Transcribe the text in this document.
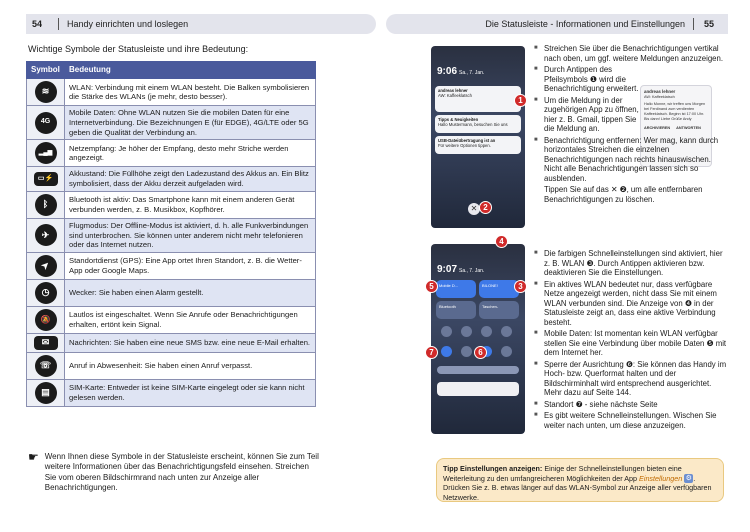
54	Handy einrichten und loslegen	Die Statusleiste - Informationen und Einstellungen 55
Wichtige Symbole der Statusleiste und ihre Bedeutung:
Symbol	Bedeutung
≋	WLAN: Verbindung mit einem WLAN besteht. Die Balken symbolisieren die Stärke des WLANs (je mehr, desto besser).
4G	Mobile Daten: Ohne WLAN nutzen Sie die mobilen Daten für eine Internetverbindung. Die Bezeichnungen E (für EDGE), 4G/LTE oder 5G geben die Qualität der Verbindung an.
▂▄▆	Netzempfang: Je höher der Empfang, desto mehr Striche werden angezeigt.
▭⚡	Akkustand: Die Füllhöhe zeigt den Ladezustand des Akkus an. Ein Blitz symbolisiert, dass der Akku derzeit aufgeladen wird.
ᛒ	Bluetooth ist aktiv: Das Smartphone kann mit einem anderen Gerät verbunden werden, z. B. Musikbox, Kopfhörer.
✈	Flugmodus: Der Offline-Modus ist aktiviert, d. h. alle Funkverbindungen sind unterbrochen. Sie können unter anderem nicht mehr telefonieren oder das Internet nutzen.
➤	Standortdienst (GPS): Eine App ortet Ihren Standort, z. B. die Wetter-App oder Google Maps.
◷	Wecker: Sie haben einen Alarm gestellt.
🔕	Lautlos ist eingeschaltet. Wenn Sie Anrufe oder Benachrichtigungen erhalten, ertönt kein Signal.
✉	Nachrichten: Sie haben eine neue SMS bzw. eine neue E-Mail erhalten.
☏	Anruf in Abwesenheit: Sie haben einen Anruf verpasst.
▤	SIM-Karte: Entweder ist keine SIM-Karte eingelegt oder sie kann nicht gelesen werden.
☛ Wenn Ihnen diese Symbole in der Statusleiste erscheint, können Sie zum Teil weitere Informationen über das Benachrichtigungsfeld einsehen. Streichen Sie vom oberen Bildschirmrand nach unten zur Anzeige aller Benachrichtigungen.
9:06 Sa., 7. Jan.
andreas lehner
AW: Kaffeeklatsch
Tipps & Neuigkeiten
Hallo Mustermann, besuchen Sie uns
USB-Dateiübertragung ist an
Für weitere Optionen tippen.
✕
1
2
andreas lehner
AW: Kaffeeklatsch
Hallo Monne, wir treffen uns Morgen bei Ferdinand zum verdienten Kaffeeklatsch. Beginn ist 17:00 Uhr. Bis dann! Liebe Grüße Andy
ARCHIVIEREN ANTWORTEN
9:07 Sa., 7. Jan.
Mobile D...	BILONE!
Bluetooth	Taschen-
4
5	3
7	6
■ Streichen Sie über die Benachrichtigungen vertikal nach oben, um ggf. weitere Meldungen anzuzeigen.
■ Durch Antippen des Pfeilsymbols ❶ wird die Benachrichtigung erweitert.
■ Um die Meldung in der zugehörigen App zu öffnen, hier z. B. Gmail, tippen Sie die Meldung an.
■ Benachrichtigung entfernen: Wer mag, kann durch horizontales Streichen die einzelnen Benachrichtigungen nach rechts hinauswischen. Nicht alle Benachrichtigungen lassen sich so ausblenden.
Tippen Sie auf das ✕ ❷, um alle entfernbaren Benachrichtigungen zu löschen.
■ Die farbigen Schnelleinstellungen sind aktiviert, hier z. B. WLAN ❸. Durch Antippen aktivieren bzw. deaktivieren Sie die Einstellungen.
■ Ein aktives WLAN bedeutet nur, dass verfügbare Netze angezeigt werden, nicht dass Sie mit einem WLAN verbunden sind. Die Anzeige von ❹ in der Statusleiste zeigt an, dass eine aktive Verbindung besteht.
■ Mobile Daten: Ist momentan kein WLAN verfügbar stellen Sie eine Verbindung über mobile Daten ❺ mit dem Internet her.
■ Sperre der Ausrichtung ❻: Sie können das Handy im Hoch- bzw. Querformat halten und der Bildschirminhalt wird entsprechend ausgerichtet. Mehr dazu auf Seite 144.
■ Standort ❼ - siehe nächste Seite
■ Es gibt weitere Schnelleinstellungen. Wischen Sie weiter nach unten, um diese anzuzeigen.
Tipp Einstellungen anzeigen: Einige der Schnelleinstellungen bieten eine Weiterleitung zu den umfangreicheren Möglichkeiten der App Einstellungen ⚙. Drücken Sie z. B. etwas länger auf das WLAN-Symbol zur Anzeige aller verfügbaren Netzwerke.
